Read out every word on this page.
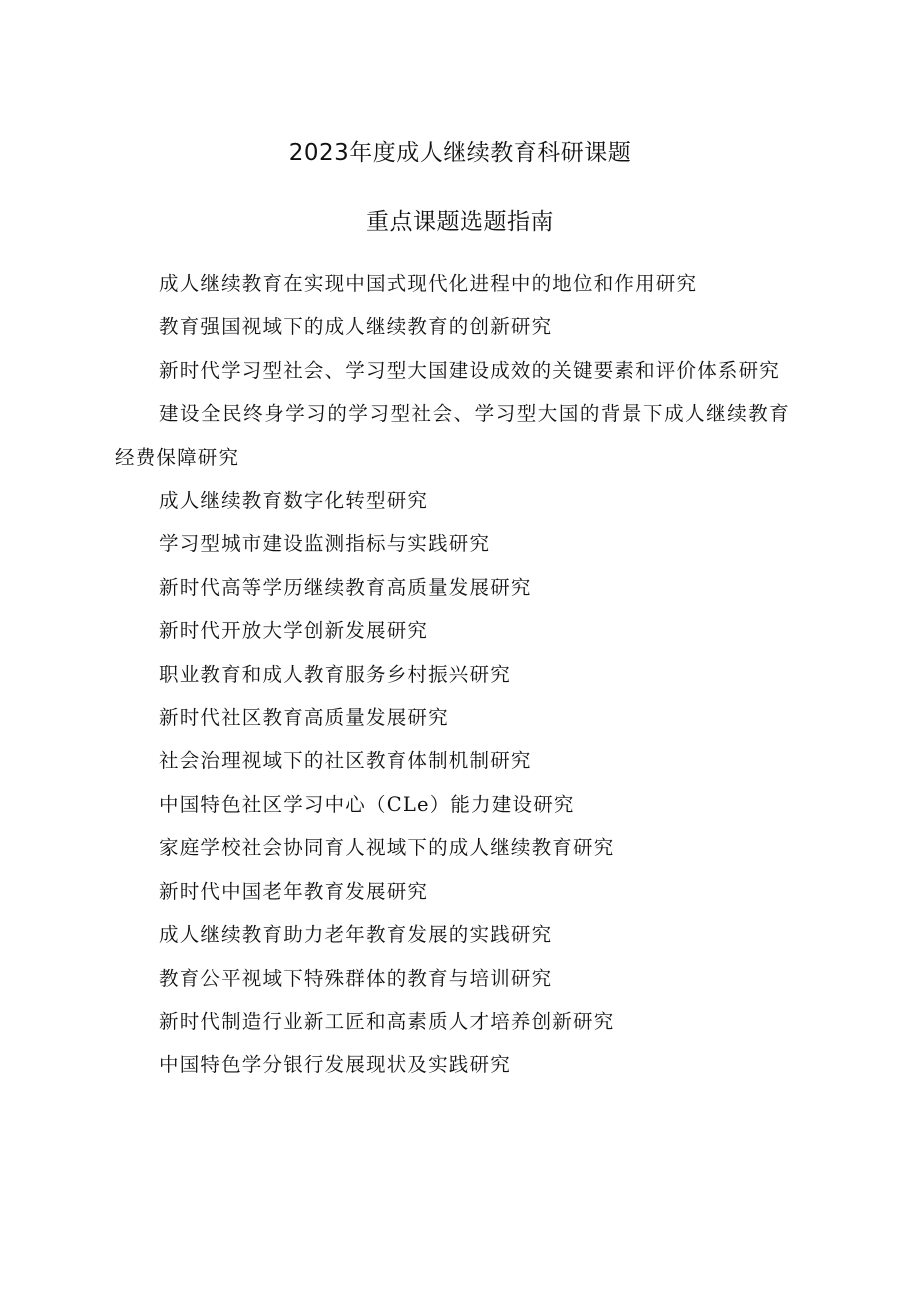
2023年度成人继续教育科研课题
重点课题选题指南
成人继续教育在实现中国式现代化进程中的地位和作用研究
教育强国视域下的成人继续教育的创新研究
新时代学习型社会、学习型大国建设成效的关键要素和评价体系研究
建设全民终身学习的学习型社会、学习型大国的背景下成人继续教育经费保障研究
成人继续教育数字化转型研究
学习型城市建设监测指标与实践研究
新时代高等学历继续教育高质量发展研究
新时代开放大学创新发展研究
职业教育和成人教育服务乡村振兴研究
新时代社区教育高质量发展研究
社会治理视域下的社区教育体制机制研究
中国特色社区学习中心（CLe）能力建设研究
家庭学校社会协同育人视域下的成人继续教育研究
新时代中国老年教育发展研究
成人继续教育助力老年教育发展的实践研究
教育公平视域下特殊群体的教育与培训研究
新时代制造行业新工匠和高素质人才培养创新研究
中国特色学分银行发展现状及实践研究
